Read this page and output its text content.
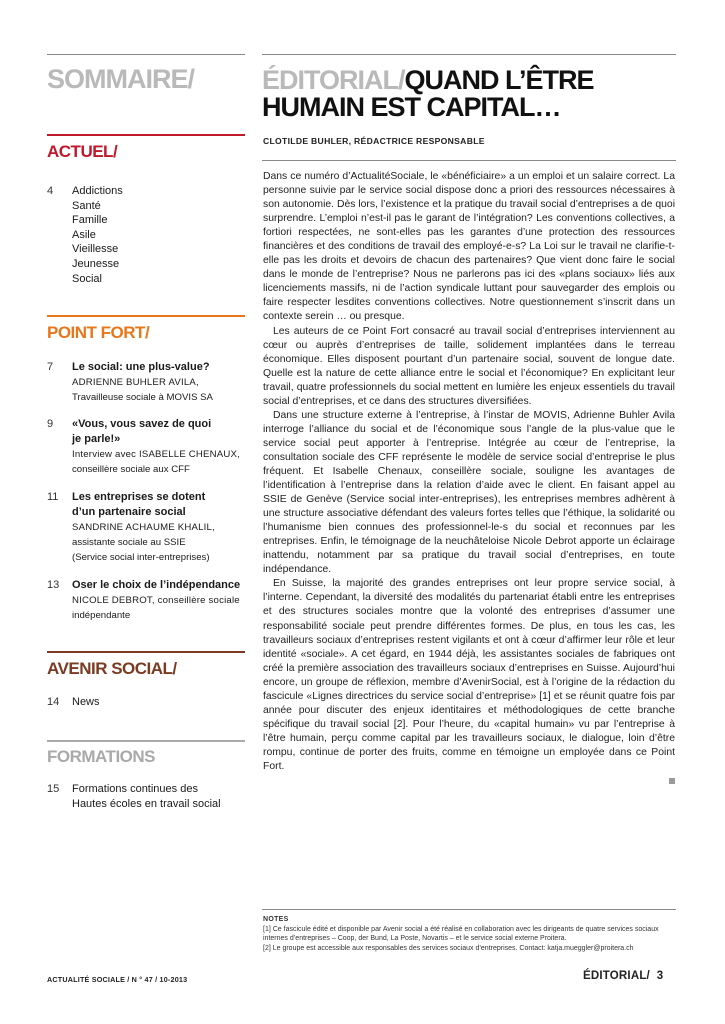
SOMMAIRE/
ACTUEL/
4	Addictions
Santé
Famille
Asile
Vieillesse
Jeunesse
Social
POINT FORT/
7	Le social: une plus-value?
ADRIENNE BUHLER AVILA,
Travailleuse sociale à MOVIS SA
9	«Vous, vous savez de quoi
je parle!»
Interview avec ISABELLE CHENAUX,
conseillère sociale aux CFF
11	Les entreprises se dotent
d’un partenaire social
SANDRINE ACHAUME KHALIL,
assistante sociale au SSIE
(Service social inter-entreprises)
13	Oser le choix de l’indépendance
NICOLE DEBROT, conseillère sociale
indépendante
AVENIR SOCIAL/
14	News
FORMATIONS
15	Formations continues des
Hautes écoles en travail social
ÉDITORIAL/QUAND L’ÊTRE
HUMAIN EST CAPITAL…
CLOTILDE BUHLER, RÉDACTRICE RESPONSABLE

Dans ce numéro d’ActualitéSociale, le «bénéficiaire» a un emploi et un salaire correct. La personne suivie par le service social dispose donc a priori des ressources nécessaires à son autonomie. Dès lors, l’existence et la pratique du travail social d’entreprises a de quoi surprendre. L’emploi n’est-il pas le garant de l’intégration? Les conventions collectives, a fortiori respectées, ne sont-elles pas les garantes d’une protection des ressources financières et des conditions de travail des employé-e-s? La Loi sur le travail ne clarifie-t-elle pas les droits et devoirs de chacun des partenaires? Que vient donc faire le social dans le monde de l’entreprise? Nous ne parlerons pas ici des «plans sociaux» liés aux licenciements massifs, ni de l’action syndicale luttant pour sauvegarder des emplois ou faire respecter lesdites conventions collectives. Notre questionnement s’inscrit dans un contexte serein … ou presque.

Les auteurs de ce Point Fort consacré au travail social d’entreprises interviennent au cœur ou auprès d’entreprises de taille, solidement implantées dans le terreau économique. Elles disposent pourtant d’un partenaire social, souvent de longue date. Quelle est la nature de cette alliance entre le social et l’économique? En explicitant leur travail, quatre professionnels du social mettent en lumière les enjeux essentiels du travail social d’entreprises, et ce dans des structures diversifiées.

Dans une structure externe à l’entreprise, à l’instar de MOVIS, Adrienne Buhler Avila interroge l’alliance du social et de l’économique sous l’angle de la plus-value que le service social peut apporter à l’entreprise. Intégrée au cœur de l’entreprise, la consultation sociale des CFF représente le modèle de service social d’entreprise le plus fréquent. Et Isabelle Chenaux, conseillère sociale, souligne les avantages de l’identification à l’entreprise dans la relation d’aide avec le client. En faisant appel au SSIE de Genève (Service social inter-entreprises), les entreprises membres adhèrent à une structure associative défendant des valeurs fortes telles que l’éthique, la solidarité ou l’humanisme bien connues des professionnel-le-s du social et reconnues par les entreprises. Enfin, le témoignage de la neuchâteloise Nicole Debrot apporte un éclairage inattendu, notamment par sa pratique du travail social d’entreprises, en toute indépendance.

En Suisse, la majorité des grandes entreprises ont leur propre service social, à l’interne. Cependant, la diversité des modalités du partenariat établi entre les entreprises et des structures sociales montre que la volonté des entreprises d’assumer une responsabilité sociale peut prendre différentes formes. De plus, en tous les cas, les travailleurs sociaux d’entreprises restent vigilants et ont à cœur d’affirmer leur rôle et leur identité «sociale». A cet égard, en 1944 déjà, les assistantes sociales de fabriques ont créé la première association des travailleurs sociaux d’entreprises en Suisse. Aujourd’hui encore, un groupe de réflexion, membre d’AvenirSocial, est à l’origine de la rédaction du fascicule «Lignes directrices du service social d’entreprise» [1] et se réunit quatre fois par année pour discuter des enjeux identitaires et méthodologiques de cette branche spécifique du travail social [2]. Pour l’heure, du «capital humain» vu par l’entreprise à l’être humain, perçu comme capital par les travailleurs sociaux, le dialogue, loin d’être rompu, continue de porter des fruits, comme en témoigne un employée dans ce Point Fort.

NOTES
[1] Ce fascicule édité et disponible par Avenir social a été réalisé en collaboration avec les dirigeants de quatre services sociaux internes d’entreprises – Coop, der Bund, La Poste, Novartis – et le service social externe Proitera.
[2] Le groupe est accessible aux responsables des services sociaux d’entreprises. Contact: katja.mueggler@proitera.ch
ACTUALITÉ SOCIALE / N ° 47 / 10-2013	ÉDITORIAL/ 3
